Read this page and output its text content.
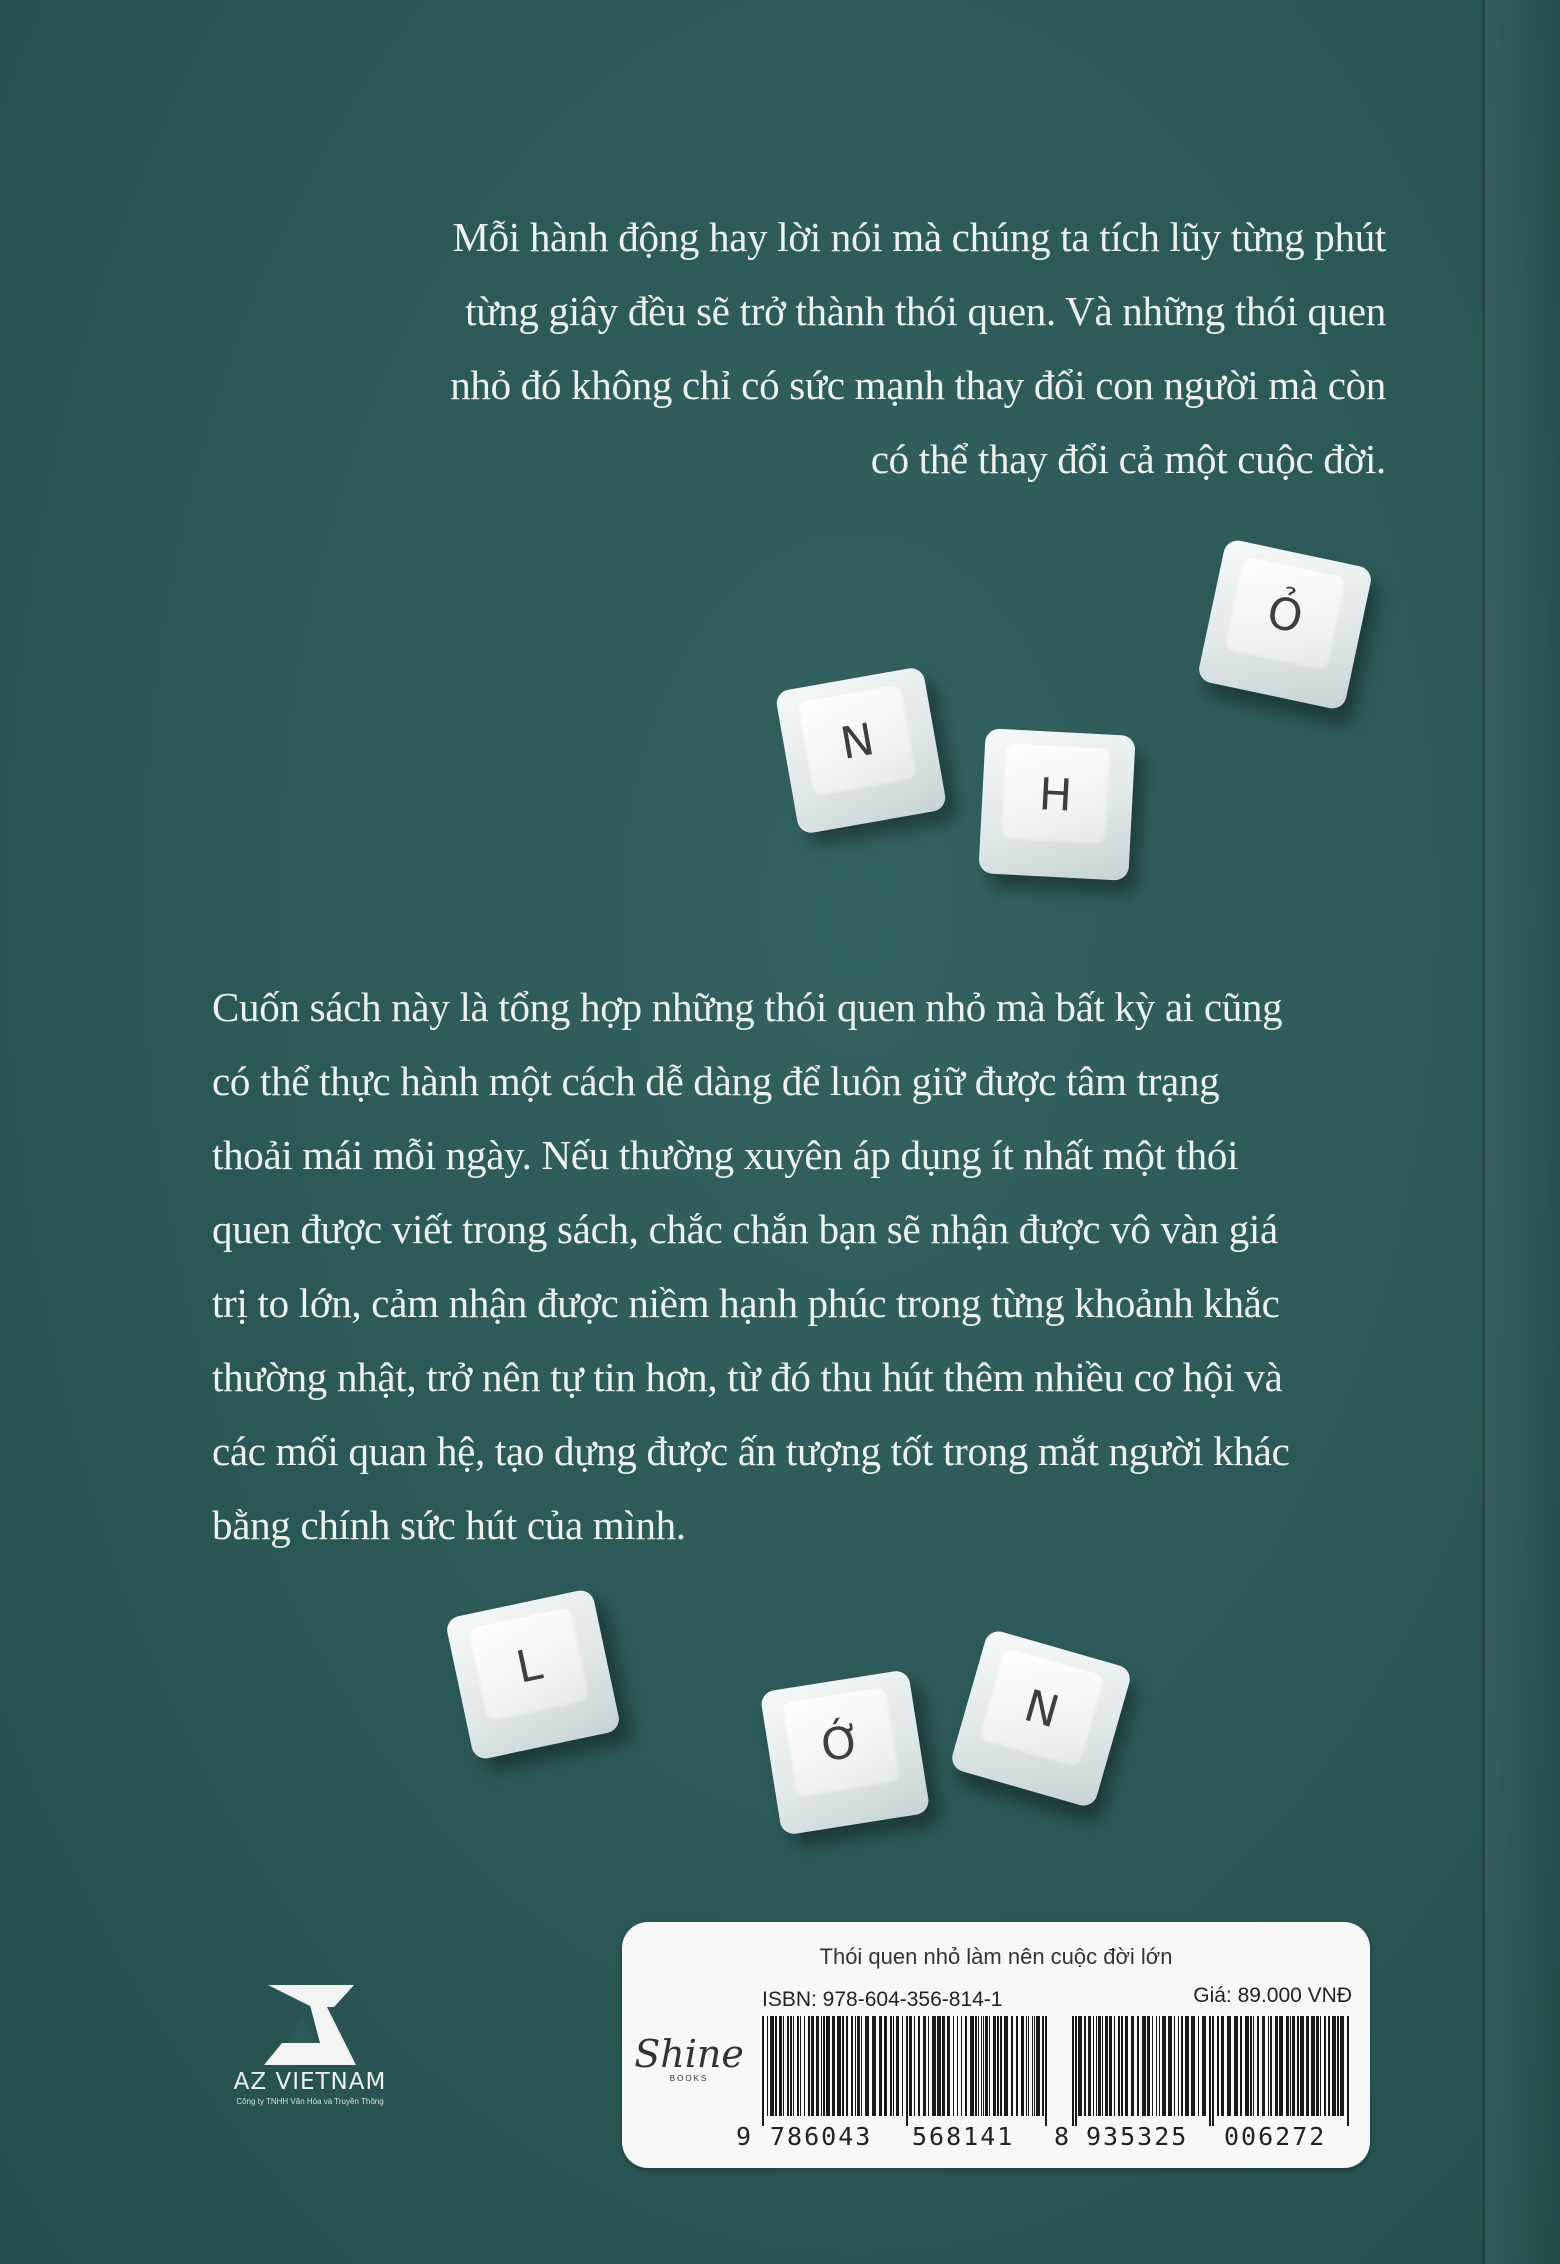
Mỗi hành động hay lời nói mà chúng ta tích lũy từng phút
từng giây đều sẽ trở thành thói quen. Và những thói quen
nhỏ đó không chỉ có sức mạnh thay đổi con người mà còn
có thể thay đổi cả một cuộc đời.
N
H
Ỏ
Cuốn sách này là tổng hợp những thói quen nhỏ mà bất kỳ ai cũng
có thể thực hành một cách dễ dàng để luôn giữ được tâm trạng
thoải mái mỗi ngày. Nếu thường xuyên áp dụng ít nhất một thói
quen được viết trong sách, chắc chắn bạn sẽ nhận được vô vàn giá
trị to lớn, cảm nhận được niềm hạnh phúc trong từng khoảnh khắc
thường nhật, trở nên tự tin hơn, từ đó thu hút thêm nhiều cơ hội và
các mối quan hệ, tạo dựng được ấn tượng tốt trong mắt người khác
bằng chính sức hút của mình.
L
Ớ
N
AZ VIETNAM
Công ty TNHH Văn Hóa và Truyền Thông
Thói quen nhỏ làm nên cuộc đời lớn
ISBN: 978-604-356-814-1	Giá: 89.000 VNĐ
Shine
BOOKS
9 786043 568141 8 935325 006272
